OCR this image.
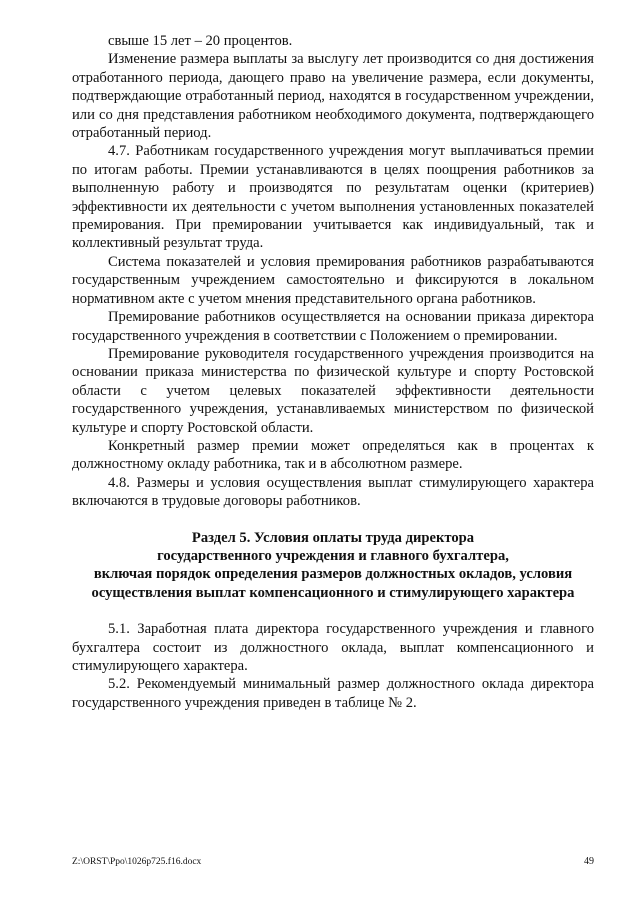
свыше 15 лет – 20 процентов.

Изменение размера выплаты за выслугу лет производится со дня достижения отработанного периода, дающего право на увеличение размера, если документы, подтверждающие отработанный период, находятся в государственном учреждении, или со дня представления работником необходимого документа, подтверждающего отработанный период.

4.7. Работникам государственного учреждения могут выплачиваться премии по итогам работы. Премии устанавливаются в целях поощрения работников за выполненную работу и производятся по результатам оценки (критериев) эффективности их деятельности с учетом выполнения установленных показателей премирования. При премировании учитывается как индивидуальный, так и коллективный результат труда.

Система показателей и условия премирования работников разрабатываются государственным учреждением самостоятельно и фиксируются в локальном нормативном акте с учетом мнения представительного органа работников.

Премирование работников осуществляется на основании приказа директора государственного учреждения в соответствии с Положением о премировании.

Премирование руководителя государственного учреждения производится на основании приказа министерства по физической культуре и спорту Ростовской области с учетом целевых показателей эффективности деятельности государственного учреждения, устанавливаемых министерством по физической культуре и спорту Ростовской области.

Конкретный размер премии может определяться как в процентах к должностному окладу работника, так и в абсолютном размере.

4.8. Размеры и условия осуществления выплат стимулирующего характера включаются в трудовые договоры работников.

Раздел 5. Условия оплаты труда директора
государственного учреждения и главного бухгалтера,
включая порядок определения размеров должностных окладов, условия
осуществления выплат компенсационного и стимулирующего характера

5.1. Заработная плата директора государственного учреждения и главного бухгалтера состоит из должностного оклада, выплат компенсационного и стимулирующего характера.

5.2. Рекомендуемый минимальный размер должностного оклада директора государственного учреждения приведен в таблице № 2.

Z:\ORST\Ppo\1026p725.f16.docx	49
